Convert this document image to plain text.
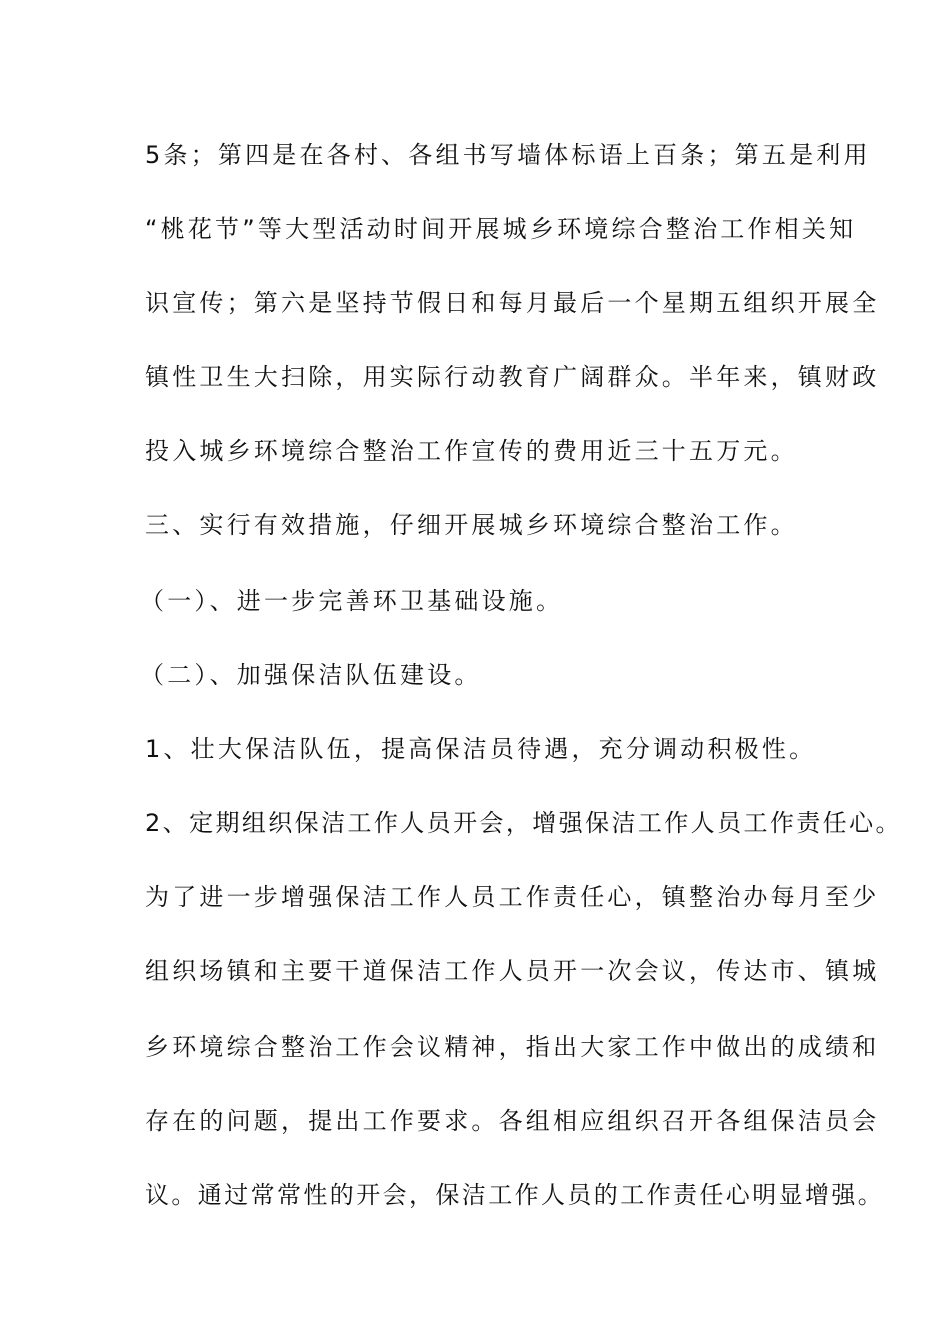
5条；第四是在各村、各组书写墙体标语上百条；第五是利用
“桃花节”等大型活动时间开展城乡环境综合整治工作相关知
识宣传；第六是坚持节假日和每月最后一个星期五组织开展全
镇性卫生大扫除，用实际行动教育广阔群众。半年来，镇财政
投入城乡环境综合整治工作宣传的费用近三十五万元。
三、实行有效措施，仔细开展城乡环境综合整治工作。
（一）、进一步完善环卫基础设施。
（二）、加强保洁队伍建设。
1、壮大保洁队伍，提高保洁员待遇，充分调动积极性。
2、定期组织保洁工作人员开会，增强保洁工作人员工作责任心。
为了进一步增强保洁工作人员工作责任心，镇整治办每月至少
组织场镇和主要干道保洁工作人员开一次会议，传达市、镇城
乡环境综合整治工作会议精神，指出大家工作中做出的成绩和
存在的问题，提出工作要求。各组相应组织召开各组保洁员会
议。通过常常性的开会，保洁工作人员的工作责任心明显增强。
